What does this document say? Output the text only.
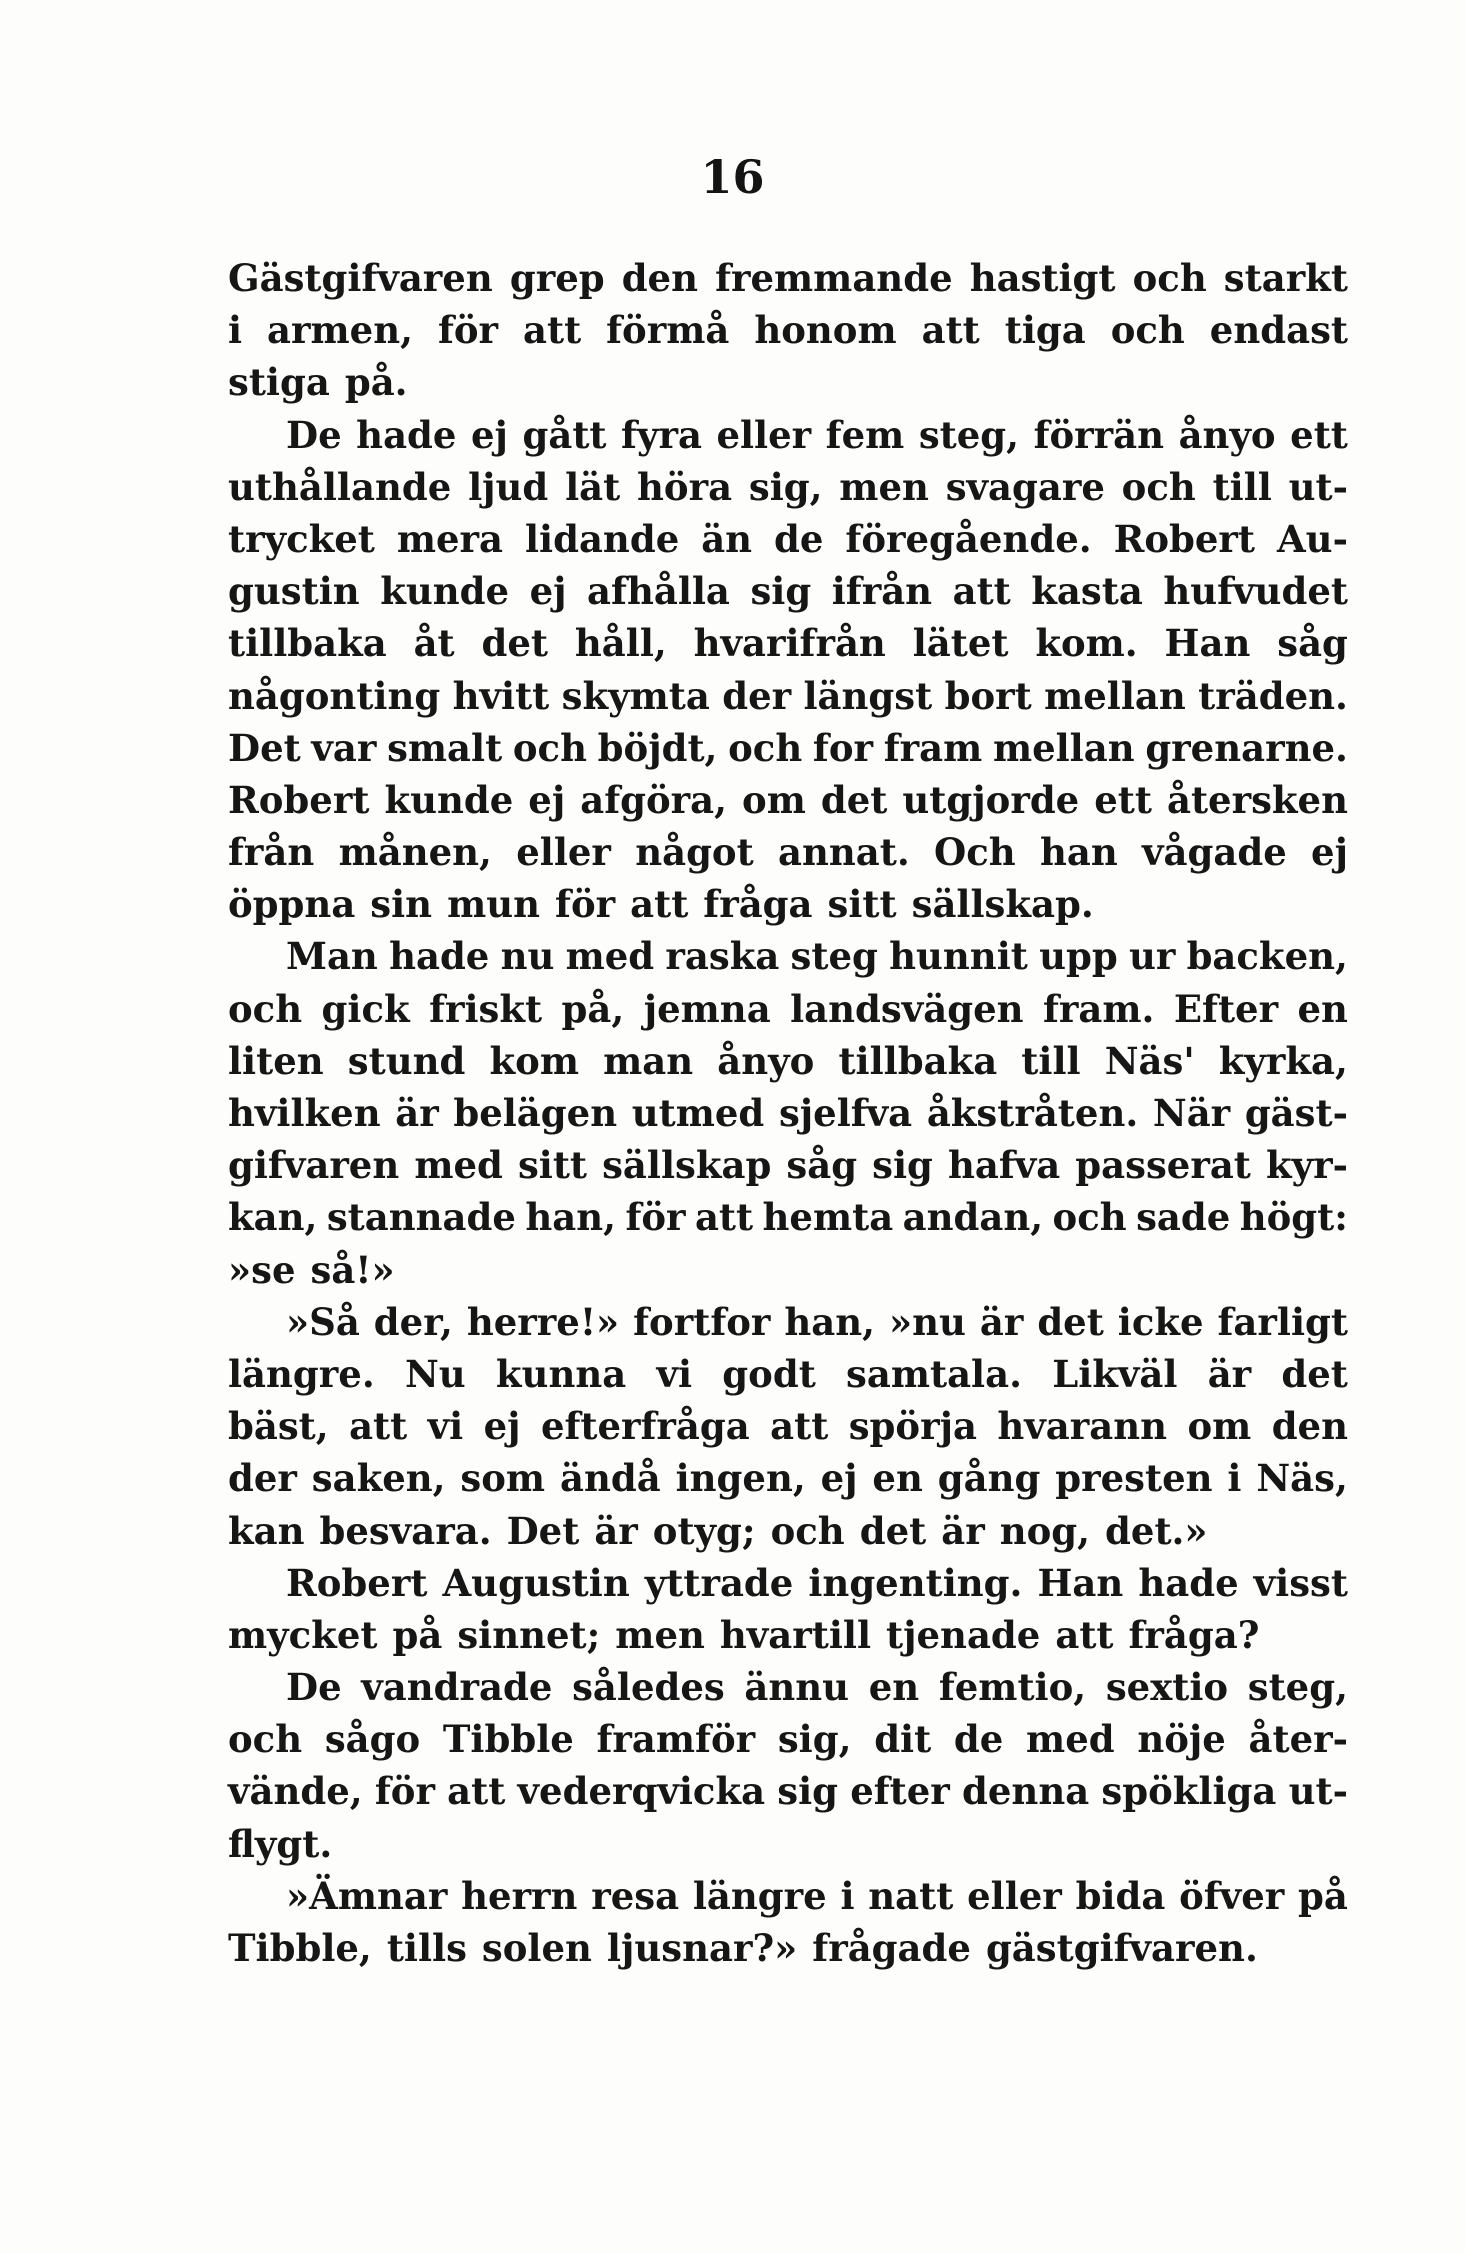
16
Gästgifvaren grep den fremmande hastigt och starkt
i armen, för att förmå honom att tiga och endast
stiga på.
De hade ej gått fyra eller fem steg, förrän ånyo ett
uthållande ljud lät höra sig, men svagare och till ut-
trycket mera lidande än de föregående. Robert Au-
gustin kunde ej afhålla sig ifrån att kasta hufvudet
tillbaka åt det håll, hvarifrån lätet kom. Han såg
någonting hvitt skymta der längst bort mellan träden.
Det var smalt och böjdt, och for fram mellan grenarne.
Robert kunde ej afgöra, om det utgjorde ett återsken
från månen, eller något annat. Och han vågade ej
öppna sin mun för att fråga sitt sällskap.
Man hade nu med raska steg hunnit upp ur backen,
och gick friskt på, jemna landsvägen fram. Efter en
liten stund kom man ånyo tillbaka till Näs' kyrka,
hvilken är belägen utmed sjelfva åkstråten. När gäst-
gifvaren med sitt sällskap såg sig hafva passerat kyr-
kan, stannade han, för att hemta andan, och sade högt:
»se så!»
»Så der, herre!» fortfor han, »nu är det icke farligt
längre. Nu kunna vi godt samtala. Likväl är det
bäst, att vi ej efterfråga att spörja hvarann om den
der saken, som ändå ingen, ej en gång presten i Näs,
kan besvara. Det är otyg; och det är nog, det.»
Robert Augustin yttrade ingenting. Han hade visst
mycket på sinnet; men hvartill tjenade att fråga?
De vandrade således ännu en femtio, sextio steg,
och sågo Tibble framför sig, dit de med nöje åter-
vände, för att vederqvicka sig efter denna spökliga ut-
flygt.
»Ämnar herrn resa längre i natt eller bida öfver på
Tibble, tills solen ljusnar?» frågade gästgifvaren.
